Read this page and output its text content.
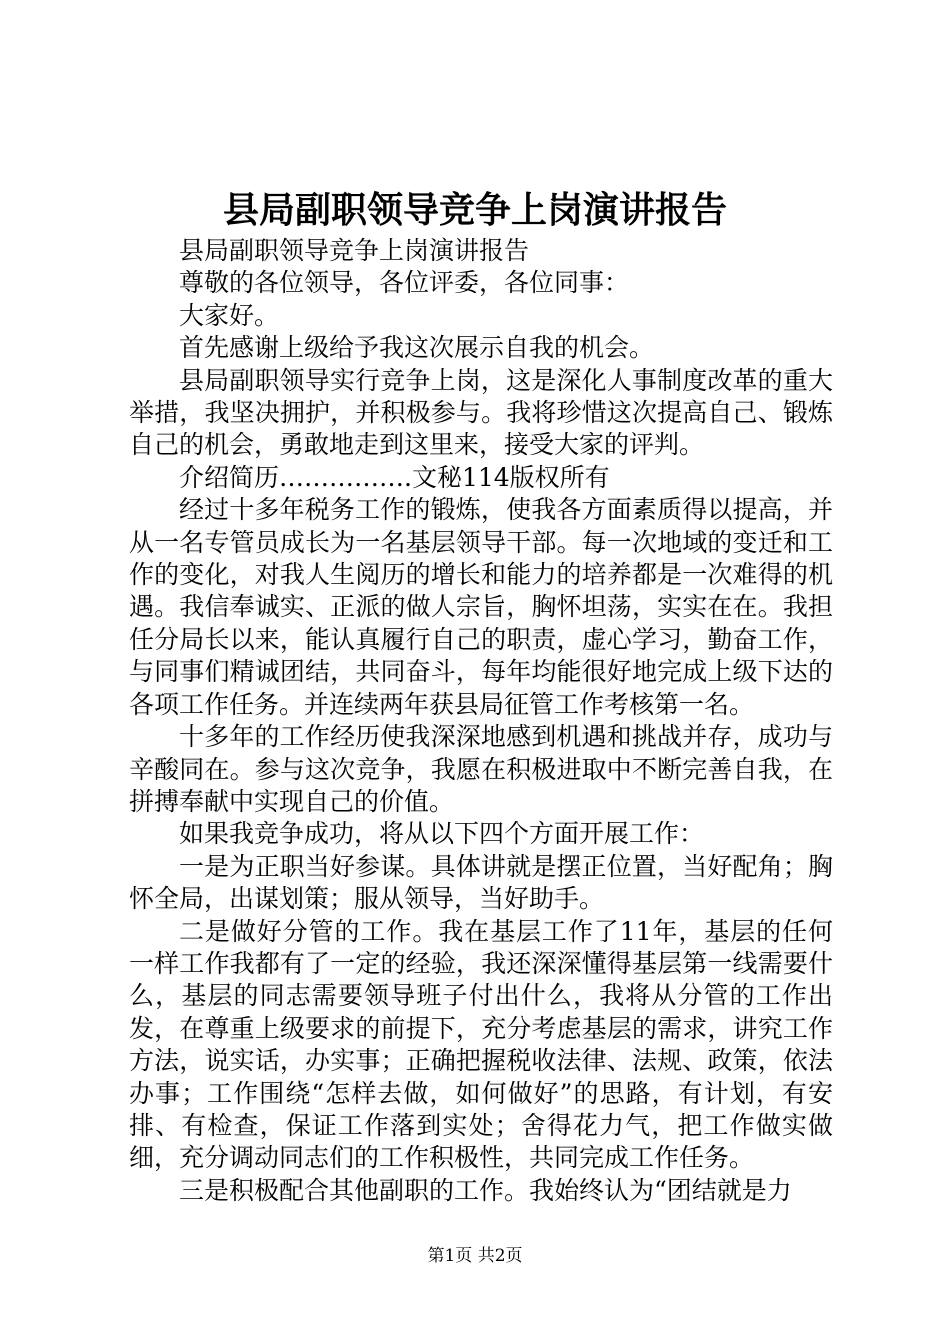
县局副职领导竞争上岗演讲报告

县局副职领导竞争上岗演讲报告

尊敬的各位领导，各位评委，各位同事：

大家好。

首先感谢上级给予我这次展示自我的机会。

县局副职领导实行竞争上岗，这是深化人事制度改革的重大举措，我坚决拥护，并积极参与。我将珍惜这次提高自己、锻炼自己的机会，勇敢地走到这里来，接受大家的评判。

介绍简历…………….文秘114版权所有

经过十多年税务工作的锻炼，使我各方面素质得以提高，并从一名专管员成长为一名基层领导干部。每一次地域的变迁和工作的变化，对我人生阅历的增长和能力的培养都是一次难得的机遇。我信奉诚实、正派的做人宗旨，胸怀坦荡，实实在在。我担任分局长以来，能认真履行自己的职责，虚心学习，勤奋工作，与同事们精诚团结，共同奋斗，每年均能很好地完成上级下达的各项工作任务。并连续两年获县局征管工作考核第一名。

十多年的工作经历使我深深地感到机遇和挑战并存，成功与辛酸同在。参与这次竞争，我愿在积极进取中不断完善自我，在拼搏奉献中实现自己的价值。

如果我竞争成功，将从以下四个方面开展工作：

一是为正职当好参谋。具体讲就是摆正位置，当好配角；胸怀全局，出谋划策；服从领导，当好助手。

二是做好分管的工作。我在基层工作了11年，基层的任何一样工作我都有了一定的经验，我还深深懂得基层第一线需要什么，基层的同志需要领导班子付出什么，我将从分管的工作出发，在尊重上级要求的前提下，充分考虑基层的需求，讲究工作方法，说实话，办实事；正确把握税收法律、法规、政策，依法办事；工作围绕“怎样去做，如何做好”的思路，有计划，有安排、有检查，保证工作落到实处；舍得花力气，把工作做实做细，充分调动同志们的工作积极性，共同完成工作任务。

三是积极配合其他副职的工作。我始终认为“团结就是力

第1页 共2页
